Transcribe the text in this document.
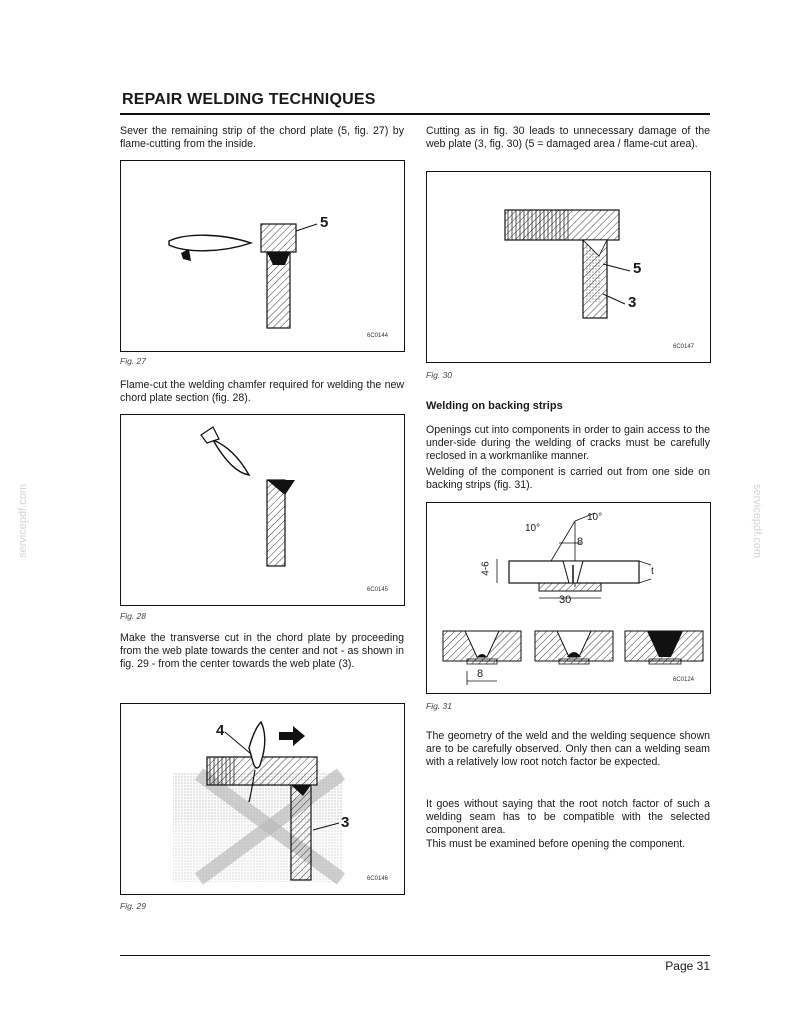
REPAIR WELDING TECHNIQUES
servicepdf.com	servicepdf.com

Sever the remaining strip of the chord plate (5, fig. 27) by flame-cutting from the inside.

5
6C0144
Fig. 27

Flame-cut the welding chamfer required for welding the new chord plate section (fig. 28).

6C0145
Fig. 28

Make the transverse cut in the chord plate by proceeding from the web plate towards the center and not - as shown in fig. 29 - from the center towards the web plate (3).

4
3
6C0146
Fig. 29

Cutting as in fig. 30 leads to unnecessary damage of the web plate (3, fig. 30) (5 = damaged area / flame-cut area).

5
3
6C0147
Fig. 30
Welding on backing strips

Openings cut into components in order to gain access to the under-side during the welding of cracks must be carefully reclosed in a workmanlike manner.

Welding of the component is carried out from one side on backing strips (fig. 31).

10°
10°
8
4-6	t
30
8	6C0124
Fig. 31

The geometry of the weld and the welding sequence shown are to be carefully observed. Only then can a welding seam with a relatively low root notch factor be expected.

It goes without saying that the root notch factor of such a welding seam has to be compatible with the selected component area.

This must be examined before opening the component.

Page 31
